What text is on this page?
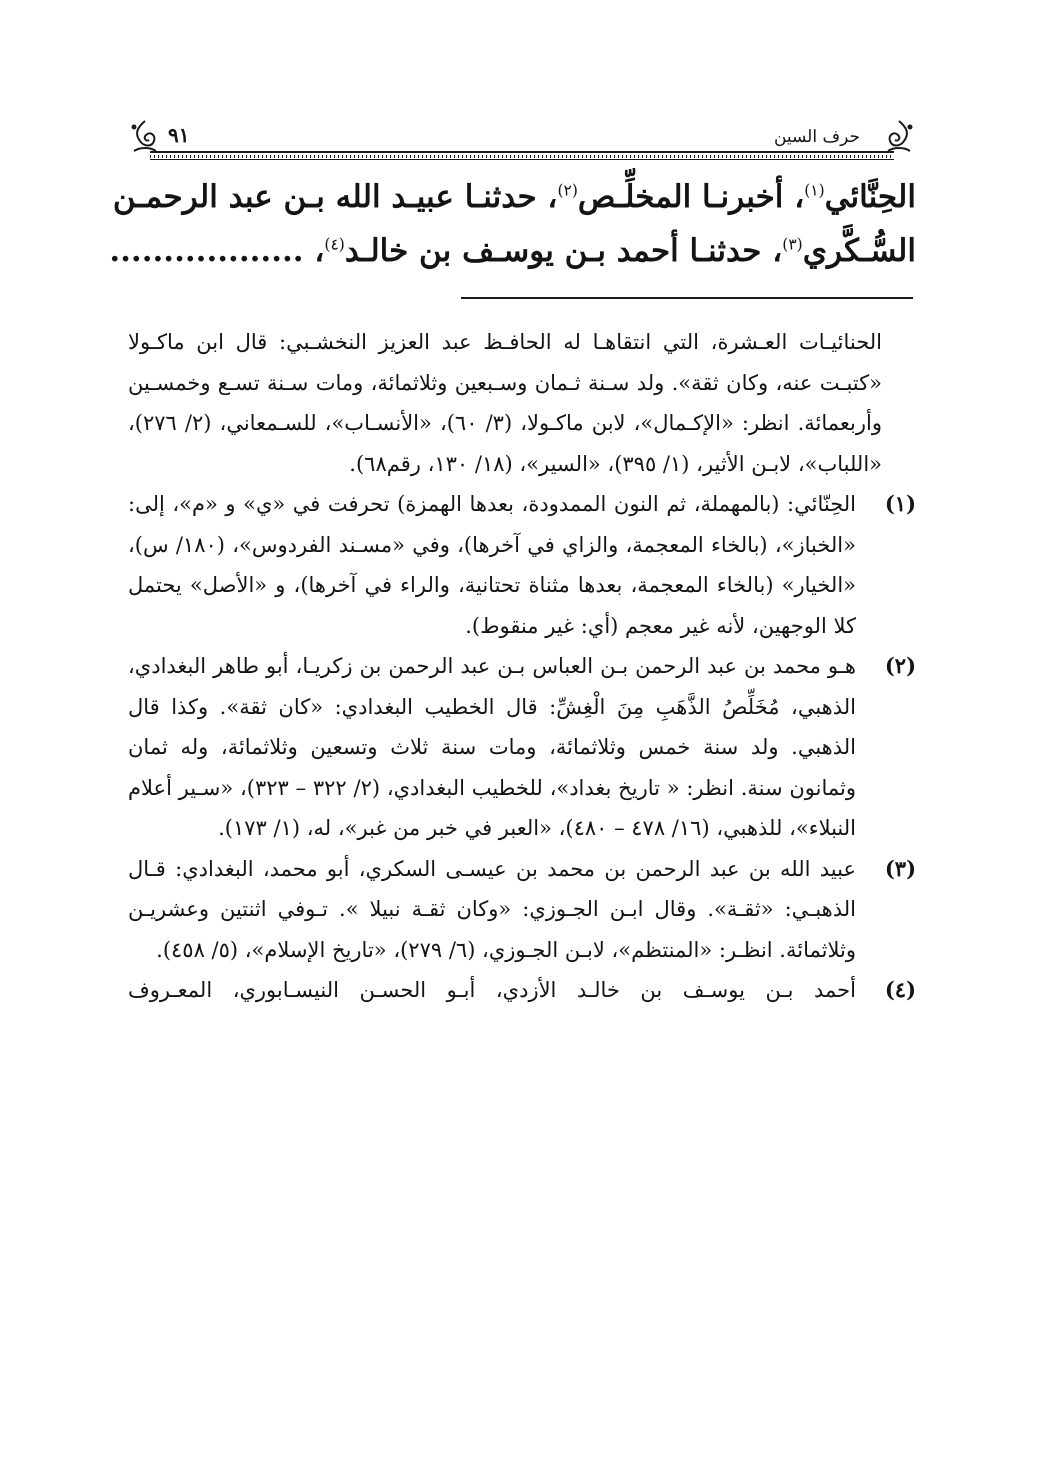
حرف السين
٩١
الحِنَّائي$^{(١)}$، أخبرنـا المخلِّـص$^{(٢)}$، حدثنـا عبيـد الله بـن عبد الرحمـن
السُّـكَّري$^{(٣)}$، حدثنـا أحمد بـن يوسـف بن خالـد$^{(٤)}$، ..................
الحنائيـات العـشرة، التي انتقاهـا له الحافـظ عبد العزيز النخشـبي: قال ابن ماكـولا «كتبـت عنه، وكان ثقة». ولد سـنة ثـمان وسـبعين وثلاثمائة، ومات سـنة تسـع وخمسـين وأربعمائة. انظر: «الإكـمال»، لابن ماكـولا، (٣/ ٦٠)، «الأنسـاب»، للسـمعاني، (٢/ ٢٧٦)، «اللباب»، لابـن الأثير، (١/ ٣٩٥)، «السير»، (١٨/ ١٣٠، رقم٦٨).
(١)
الحِنّائي: (بالمهملة، ثم النون الممدودة، بعدها الهمزة) تحرفت في «ي» و «م»، إلى: «الخباز»، (بالخاء المعجمة، والزاي في آخرها)، وفي «مسـند الفردوس»، (١٨٠/ س)، «الخيار» (بالخاء المعجمة، بعدها مثناة تحتانية، والراء في آخرها)، و «الأصل» يحتمل كلا الوجهين، لأنه غير معجم (أي: غير منقوط).
(٢)
هـو محمد بن عبد الرحمن بـن العباس بـن عبد الرحمن بن زكريـا، أبو طاهر البغدادي، الذهبي، مُخَلِّصُ الذَّهَبِ مِنَ الْغِشِّ: قال الخطيب البغدادي: «كان ثقة». وكذا قال الذهبي. ولد سنة خمس وثلاثمائة، ومات سنة ثلاث وتسعين وثلاثمائة، وله ثمان وثمانون سنة. انظر: « تاريخ بغداد»، للخطيب البغدادي، (٢/ ٣٢٢ – ٣٢٣)، «سـير أعلام النبلاء»، للذهبي، (١٦/ ٤٧٨ – ٤٨٠)، «العبر في خبر من غبر»، له، (١/ ١٧٣).
(٣)
عبيد الله بن عبد الرحمن بن محمد بن عيسـى السكري، أبو محمد، البغدادي: قـال الذهبـي: «ثقـة». وقال ابـن الجـوزي: «وكان ثقـة نبيلا ». تـوفي اثنتين وعشريـن وثلاثمائة. انظـر: «المنتظم»، لابـن الجـوزي، (٦/ ٢٧٩)، «تاريخ الإسلام»، (٥/ ٤٥٨).
(٤)
أحمد بـن يوسـف بن خالـد الأزدي، أبـو الحسـن النيسـابوري، المعـروف
